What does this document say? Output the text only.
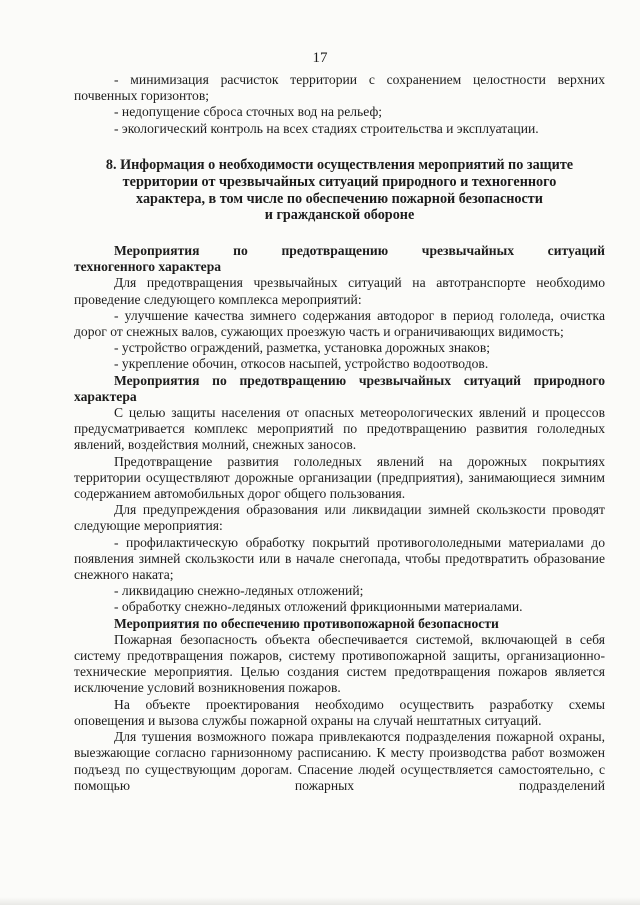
17

- минимизация расчисток территории с сохранением целостности верхних

почвенных горизонтов;

- недопущение сброса сточных вод на рельеф;

- экологический контроль на всех стадиях строительства и эксплуатации.

8. Информация о необходимости осуществления мероприятий по защите

территории от чрезвычайных ситуаций природного и техногенного

характера, в том числе по обеспечению пожарной безопасности

и гражданской обороне

Мероприятия по предотвращению чрезвычайных ситуаций

техногенного характера

Для предотвращения чрезвычайных ситуаций на автотранспорте необходимо проведение следующего комплекса мероприятий:

- улучшение качества зимнего содержания автодорог в период гололеда, очистка дорог от снежных валов, сужающих проезжую часть и ограничивающих видимость;

- устройство ограждений, разметка, установка дорожных знаков;

- укрепление обочин, откосов насыпей, устройство водоотводов.

Мероприятия по предотвращению чрезвычайных ситуаций природного

характера

С целью защиты населения от опасных метеорологических явлений и процессов предусматривается комплекс мероприятий по предотвращению развития гололедных явлений, воздействия молний, снежных заносов.

Предотвращение развития гололедных явлений на дорожных покрытиях территории осуществляют дорожные организации (предприятия), занимающиеся зимним содержанием автомобильных дорог общего пользования.

Для предупреждения образования или ликвидации зимней скользкости проводят следующие мероприятия:

- профилактическую обработку покрытий противогололедными материалами до появления зимней скользкости или в начале снегопада, чтобы предотвратить образование снежного наката;

- ликвидацию снежно-ледяных отложений;

- обработку снежно-ледяных отложений фрикционными материалами.

Мероприятия по обеспечению противопожарной безопасности

Пожарная безопасность объекта обеспечивается системой, включающей в себя систему предотвращения пожаров, систему противопожарной защиты, организационно-технические мероприятия. Целью создания систем предотвращения пожаров является исключение условий возникновения пожаров.

На объекте проектирования необходимо осуществить разработку схемы оповещения и вызова службы пожарной охраны на случай нештатных ситуаций.

Для тушения возможного пожара привлекаются подразделения пожарной охраны, выезжающие согласно гарнизонному расписанию. К месту производства работ возможен подъезд по существующим дорогам. Спасение людей осуществляется самостоятельно, с помощью пожарных подразделений
